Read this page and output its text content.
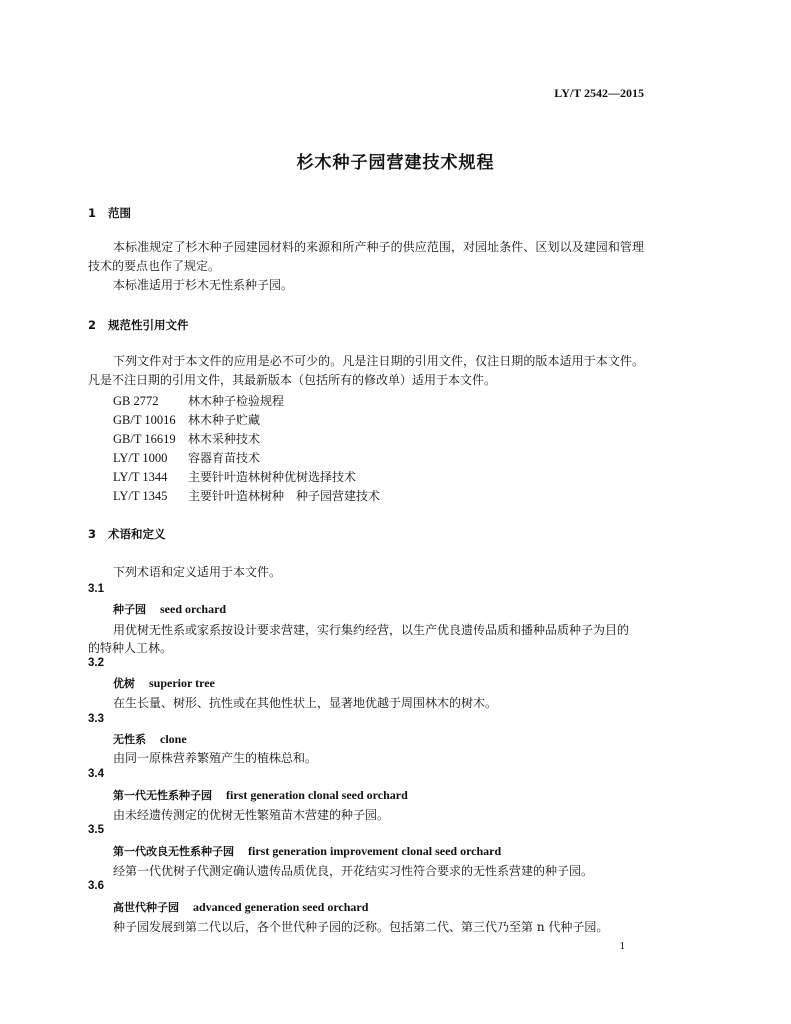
LY/T 2542—2015
杉木种子园营建技术规程
1 范围
本标准规定了杉木种子园建园材料的来源和所产种子的供应范围，对园址条件、区划以及建园和管理技术的要点也作了规定。
本标准适用于杉木无性系种子园。
2 规范性引用文件
下列文件对于本文件的应用是必不可少的。凡是注日期的引用文件，仅注日期的版本适用于本文件。凡是不注日期的引用文件，其最新版本（包括所有的修改单）适用于本文件。
GB 2772 林木种子检验规程
GB/T 10016 林木种子贮藏
GB/T 16619 林木采种技术
LY/T 1000 容器育苗技术
LY/T 1344 主要针叶造林树种优树选择技术
LY/T 1345 主要针叶造林树种　种子园营建技术
3 术语和定义
下列术语和定义适用于本文件。
3.1
种子园 seed orchard
用优树无性系或家系按设计要求营建，实行集约经营，以生产优良遗传品质和播种品质种子为目的
的特种人工林。
3.2
优树 superior tree
在生长量、树形、抗性或在其他性状上，显著地优越于周围林木的树木。
3.3
无性系 clone
由同一原株营养繁殖产生的植株总和。
3.4
第一代无性系种子园 first generation clonal seed orchard
由未经遗传测定的优树无性繁殖苗木营建的种子园。
3.5
第一代改良无性系种子园 first generation improvement clonal seed orchard
经第一代优树子代测定确认遗传品质优良，开花结实习性符合要求的无性系营建的种子园。
3.6
高世代种子园 advanced generation seed orchard
种子园发展到第二代以后，各个世代种子园的泛称。包括第二代、第三代乃至第 n 代种子园。
1
